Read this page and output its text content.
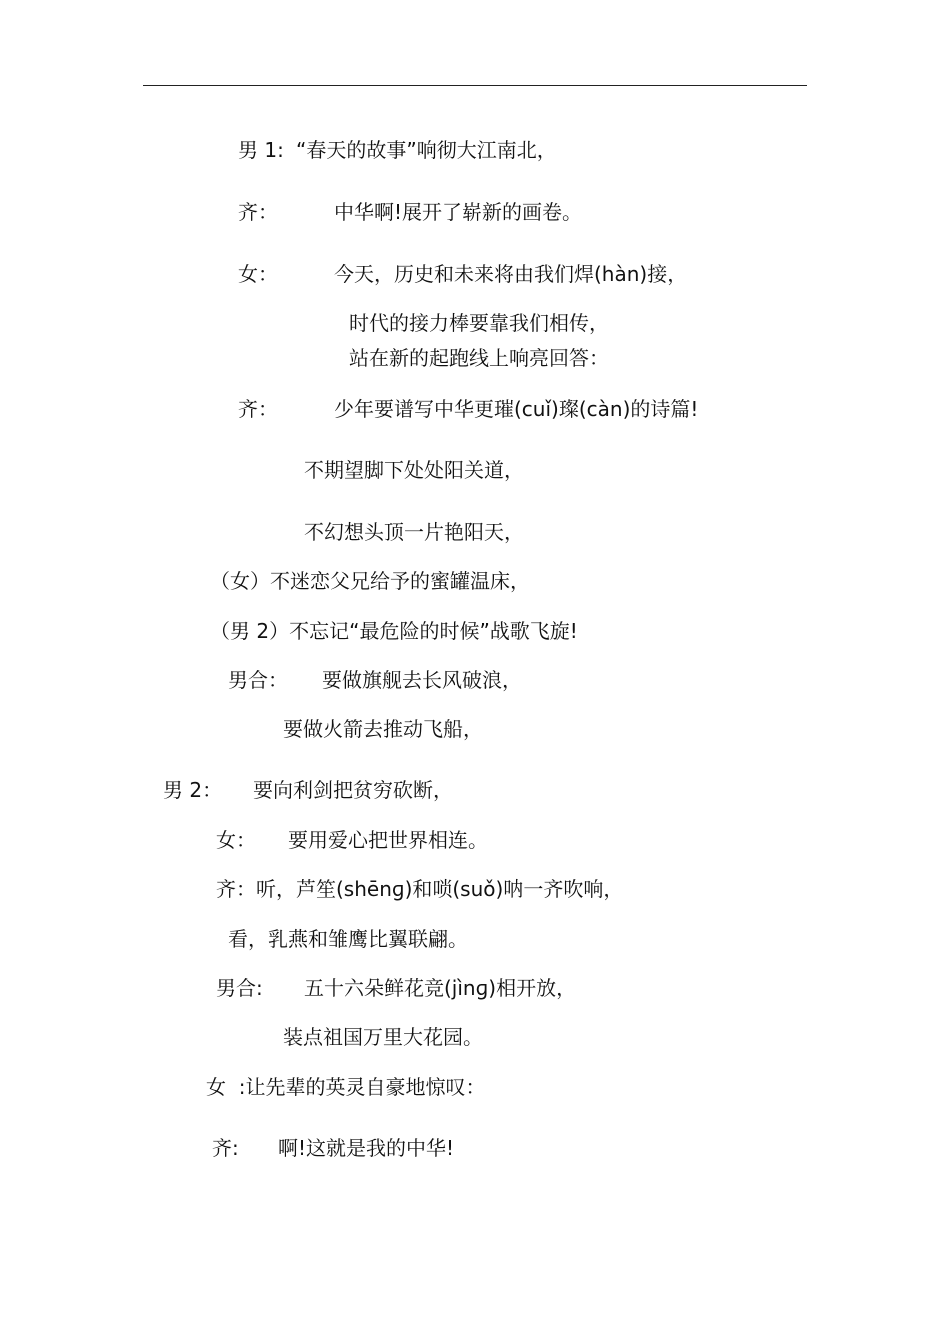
男 1: “春天的故事”响彻大江南北，
齐：	中华啊!展开了崭新的画卷。
女：	今天，历史和未来将由我们焊(hàn)接，
时代的接力棒要靠我们相传，
站在新的起跑线上响亮回答：
齐：	少年要谱写中华更璀(cuǐ)璨(càn)的诗篇!
不期望脚下处处阳关道，
不幻想头顶一片艳阳天，
（女）不迷恋父兄给予的蜜罐温床，
（男 2）不忘记“最危险的时候”战歌飞旋!
男合： 要做旗舰去长风破浪，
要做火箭去推动飞船，
男 2： 要向利剑把贫穷砍断，
女： 要用爱心把世界相连。
齐：听，芦笙(shēnɡ)和唢(suǒ)呐一齐吹响，
看，乳燕和雏鹰比翼联翩。
男合: 五十六朵鲜花竞(jìnɡ)相开放，
装点祖国万里大花园。
女  :让先辈的英灵自豪地惊叹：
齐: 啊!这就是我的中华!
